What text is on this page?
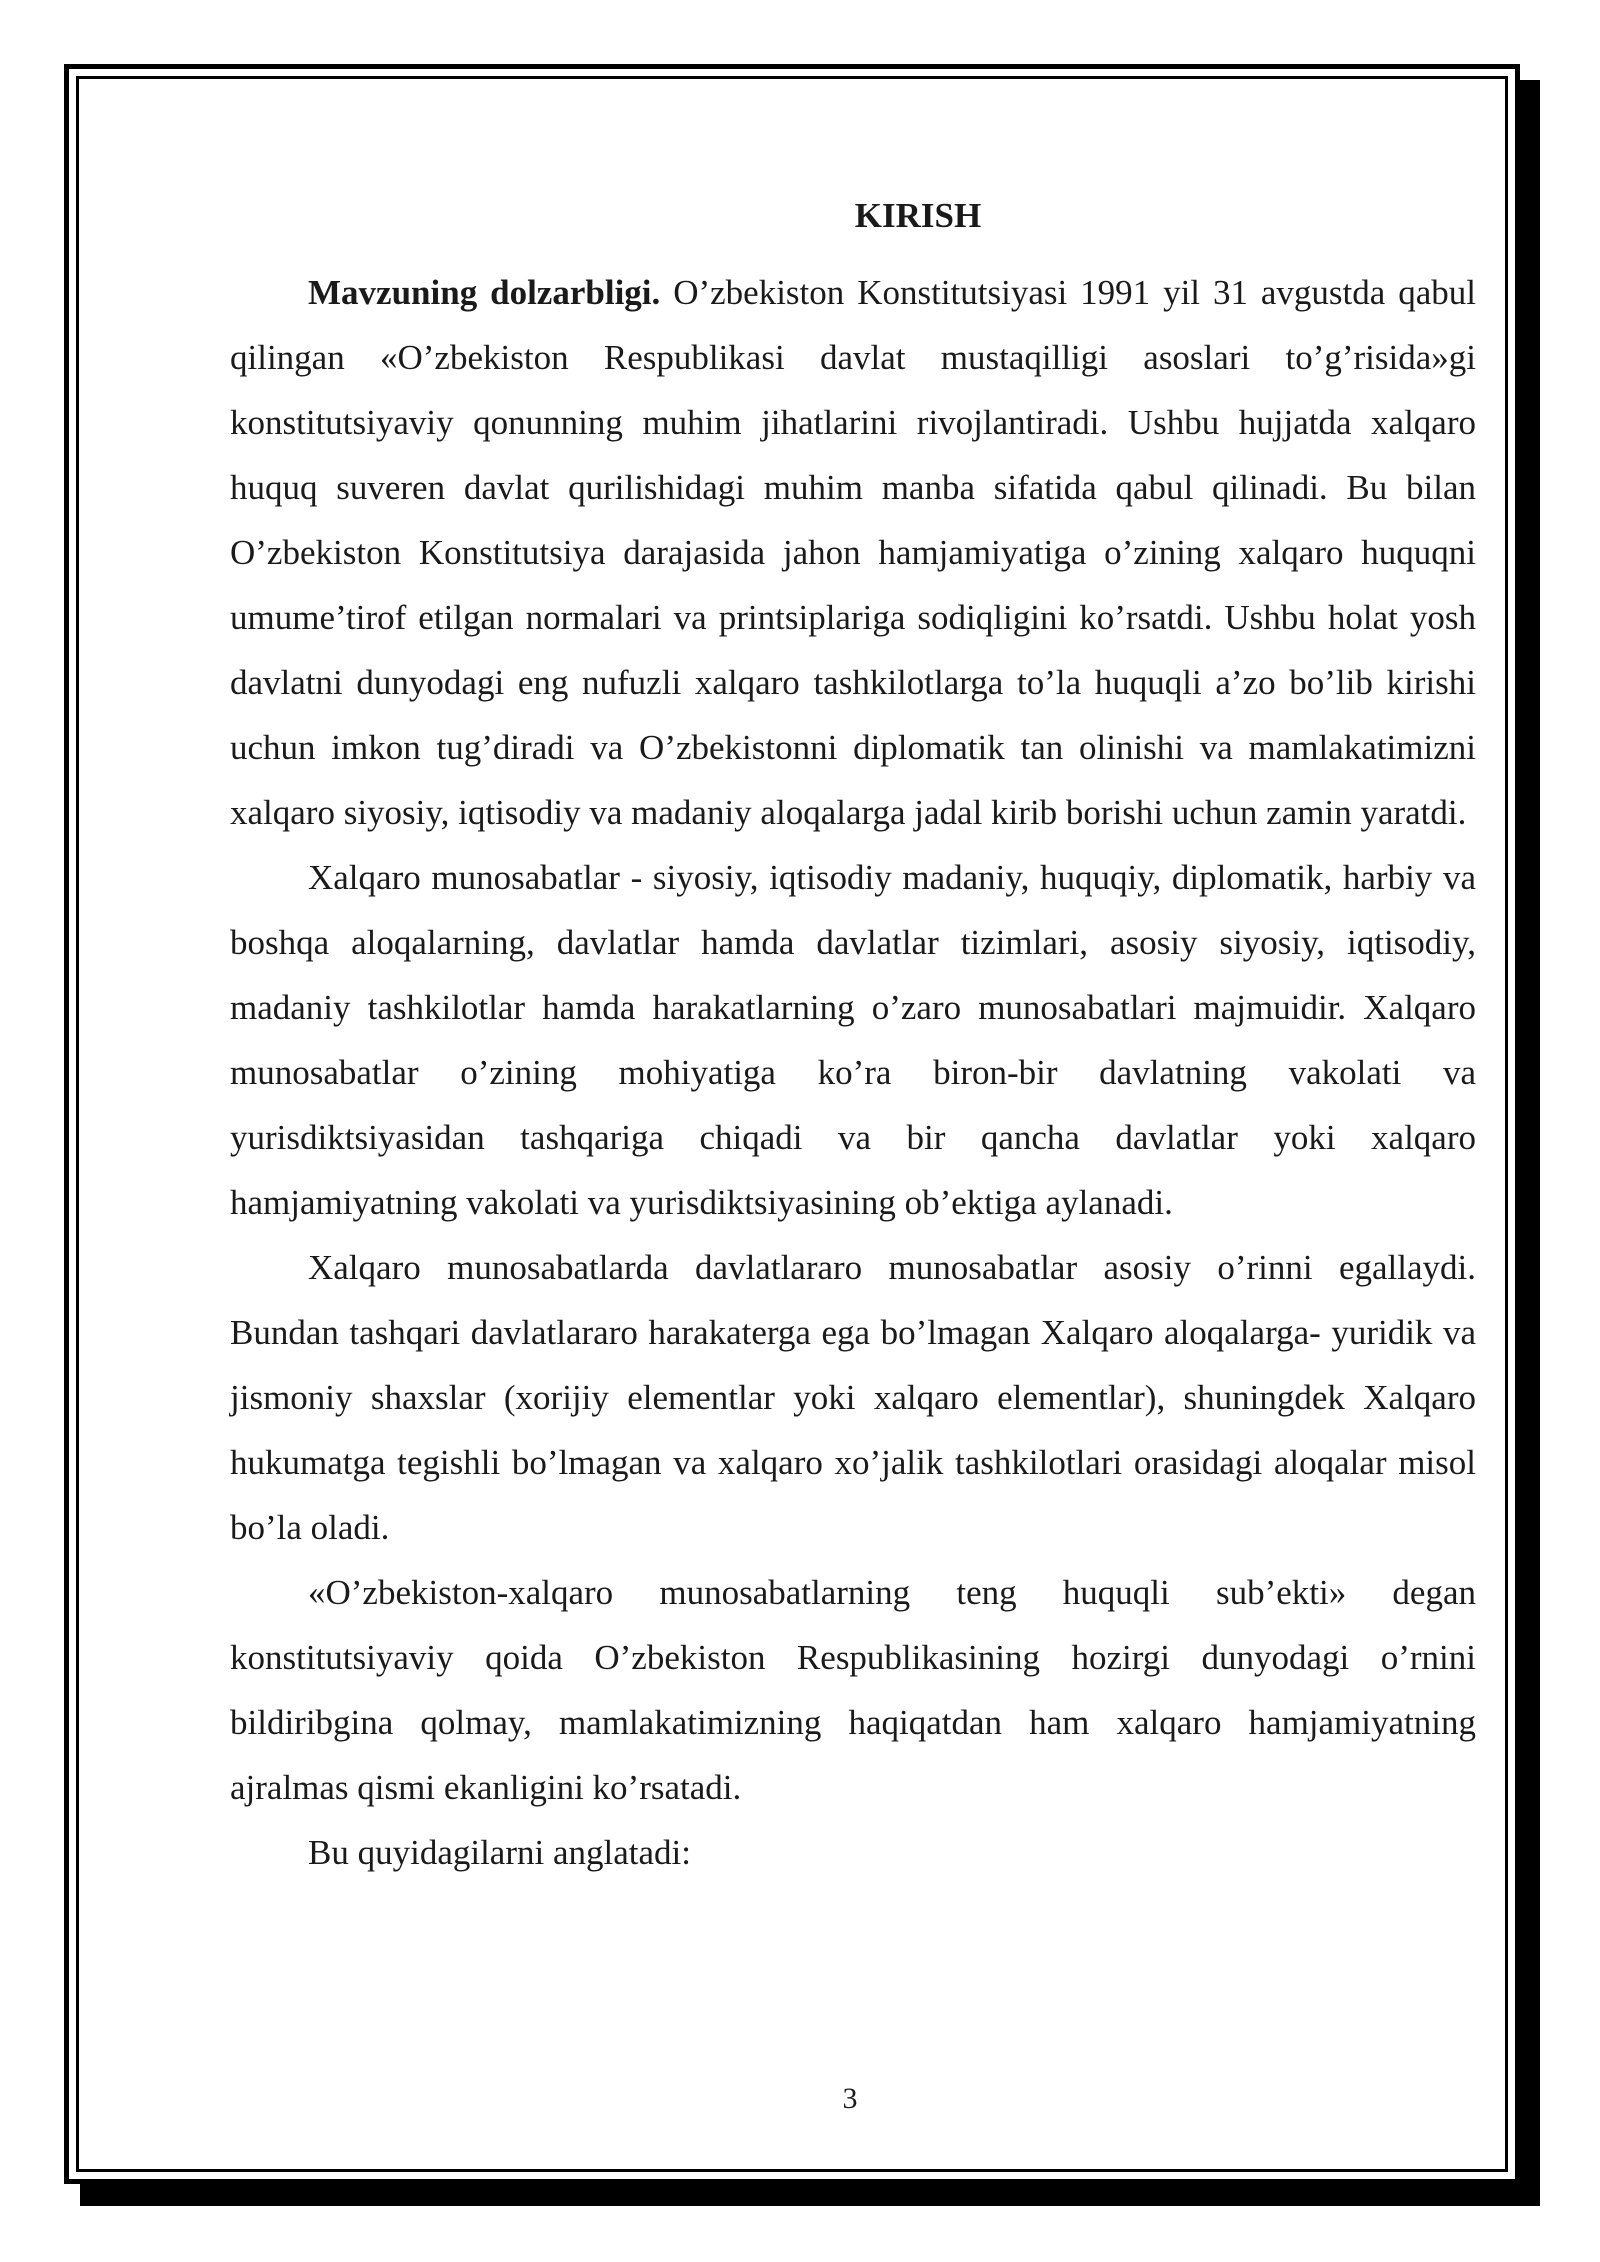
KIRISH

Mavzuning dolzarbligi. O’zbekiston Konstitutsiyasi 1991 yil 31 avgustda qabul qilingan «O’zbekiston Respublikasi davlat mustaqilligi asoslari to’g’risida»gi konstitutsiyaviy qonunning muhim jihatlarini rivojlantiradi. Ushbu hujjatda xalqaro huquq suveren davlat qurilishidagi muhim manba sifatida qabul qilinadi. Bu bilan O’zbekiston Konstitutsiya darajasida jahon hamjamiyatiga o’zining xalqaro huquqni umume’tirof etilgan normalari va printsiplariga sodiqligini ko’rsatdi. Ushbu holat yosh davlatni dunyodagi eng nufuzli xalqaro tashkilotlarga to’la huquqli a’zo bo’lib kirishi uchun imkon tug’diradi va O’zbekistonni diplomatik tan olinishi va mamlakatimizni xalqaro siyosiy, iqtisodiy va madaniy aloqalarga jadal kirib borishi uchun zamin yaratdi.

Xalqaro munosabatlar - siyosiy, iqtisodiy madaniy, huquqiy, diplomatik, harbiy va boshqa aloqalarning, davlatlar hamda davlatlar tizimlari, asosiy siyosiy, iqtisodiy, madaniy tashkilotlar hamda harakatlarning o’zaro munosabatlari majmuidir. Xalqaro munosabatlar o’zining mohiyatiga ko’ra biron-bir davlatning vakolati va yurisdiktsiyasidan tashqariga chiqadi va bir qancha davlatlar yoki xalqaro hamjamiyatning vakolati va yurisdiktsiyasining ob’ektiga aylanadi.

Xalqaro munosabatlarda davlatlararo munosabatlar asosiy o’rinni egallaydi. Bundan tashqari davlatlararo harakaterga ega bo’lmagan Xalqaro aloqalarga- yuridik va jismoniy shaxslar (xorijiy elementlar yoki xalqaro elementlar), shuningdek Xalqaro hukumatga tegishli bo’lmagan va xalqaro xo’jalik tashkilotlari orasidagi aloqalar misol bo’la oladi.

«O’zbekiston-xalqaro munosabatlarning teng huquqli sub’ekti» degan konstitutsiyaviy qoida O’zbekiston Respublikasining hozirgi dunyodagi o’rnini bildiribgina qolmay, mamlakatimizning haqiqatdan ham xalqaro hamjamiyatning ajralmas qismi ekanligini ko’rsatadi.

Bu quyidagilarni anglatadi:

3
